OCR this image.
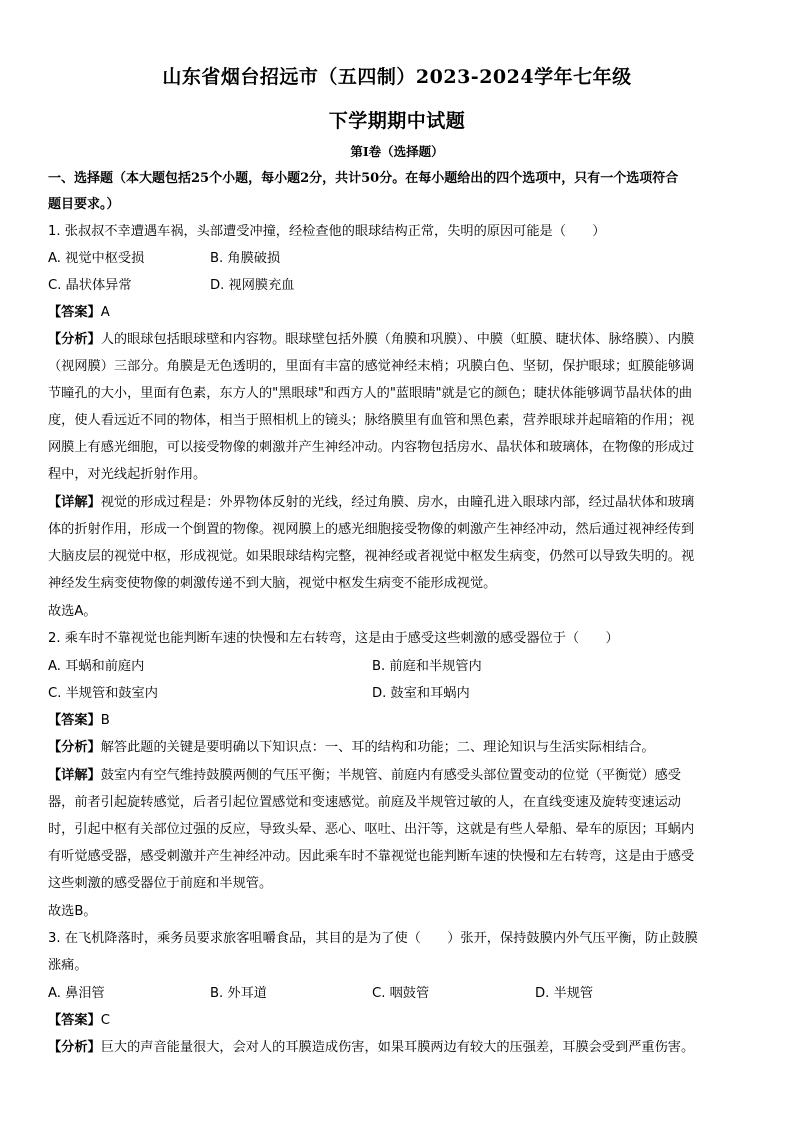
山东省烟台招远市（五四制）2023-2024学年七年级
下学期期中试题
第Ⅰ卷（选择题）
一、选择题（本大题包括25个小题，每小题2分，共计50分。在每小题给出的四个选项中，只有一个选项符合
题目要求。）
1. 张叔叔不幸遭遇车祸，头部遭受冲撞，经检查他的眼球结构正常，失明的原因可能是（　　）
A. 视觉中枢受损	B. 角膜破损
C. 晶状体异常	D. 视网膜充血
【答案】A
【分析】人的眼球包括眼球壁和内容物。眼球壁包括外膜（角膜和巩膜）、中膜（虹膜、睫状体、脉络膜）、内膜
（视网膜）三部分。角膜是无色透明的，里面有丰富的感觉神经末梢；巩膜白色、坚韧，保护眼球；虹膜能够调
节瞳孔的大小，里面有色素，东方人的"黑眼球"和西方人的"蓝眼睛"就是它的颜色；睫状体能够调节晶状体的曲
度，使人看远近不同的物体，相当于照相机上的镜头；脉络膜里有血管和黑色素，营养眼球并起暗箱的作用；视
网膜上有感光细胞，可以接受物像的刺激并产生神经冲动。内容物包括房水、晶状体和玻璃体，在物像的形成过
程中，对光线起折射作用。
【详解】视觉的形成过程是：外界物体反射的光线，经过角膜、房水，由瞳孔进入眼球内部，经过晶状体和玻璃
体的折射作用，形成一个倒置的物像。视网膜上的感光细胞接受物像的刺激产生神经冲动，然后通过视神经传到
大脑皮层的视觉中枢，形成视觉。如果眼球结构完整，视神经或者视觉中枢发生病变，仍然可以导致失明的。视
神经发生病变使物像的刺激传递不到大脑，视觉中枢发生病变不能形成视觉。
故选A。
2. 乘车时不靠视觉也能判断车速的快慢和左右转弯，这是由于感受这些刺激的感受器位于（　　）
A. 耳蜗和前庭内	B. 前庭和半规管内
C. 半规管和鼓室内	D. 鼓室和耳蜗内
【答案】B
【分析】解答此题的关键是要明确以下知识点：一、耳的结构和功能；二、理论知识与生活实际相结合。
【详解】鼓室内有空气维持鼓膜两侧的气压平衡；半规管、前庭内有感受头部位置变动的位觉（平衡觉）感受
器，前者引起旋转感觉，后者引起位置感觉和变速感觉。前庭及半规管过敏的人，在直线变速及旋转变速运动
时，引起中枢有关部位过强的反应，导致头晕、恶心、呕吐、出汗等，这就是有些人晕船、晕车的原因；耳蜗内
有听觉感受器，感受刺激并产生神经冲动。因此乘车时不靠视觉也能判断车速的快慢和左右转弯，这是由于感受
这些刺激的感受器位于前庭和半规管。
故选B。
3. 在飞机降落时，乘务员要求旅客咀嚼食品，其目的是为了使（　　）张开，保持鼓膜内外气压平衡，防止鼓膜
涨痛。
A. 鼻泪管	B. 外耳道	C. 咽鼓管	D. 半规管
【答案】C
【分析】巨大的声音能量很大，会对人的耳膜造成伤害，如果耳膜两边有较大的压强差，耳膜会受到严重伤害。
